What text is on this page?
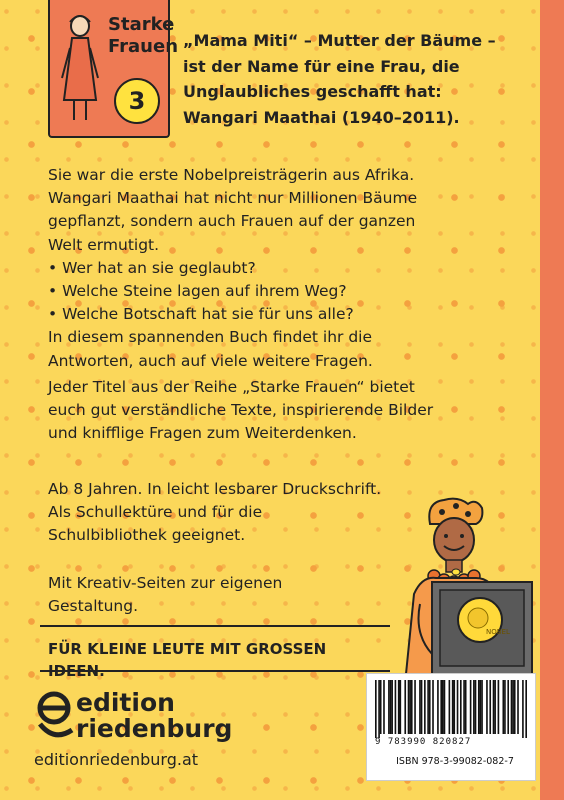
Starke
Frauen
3
„Mama Miti“ – Mutter der Bäume –
ist der Name für eine Frau, die
Unglaubliches geschafft hat:
Wangari Maathai (1940–2011).
Sie war die erste Nobelpreisträgerin aus Afrika.
Wangari Maathai hat nicht nur Millionen Bäume
gepflanzt, sondern auch Frauen auf der ganzen
Welt ermutigt.
• Wer hat an sie geglaubt?
• Welche Steine lagen auf ihrem Weg?
• Welche Botschaft hat sie für uns alle?
In diesem spannenden Buch findet ihr die
Antworten, auch auf viele weitere Fragen.
Jeder Titel aus der Reihe „Starke Frauen“ bietet
euch gut verständliche Texte, inspirierende Bilder
und knifflige Fragen zum Weiterdenken.
Ab 8 Jahren. In leicht lesbarer Druckschrift.
Als Schullektüre und für die
Schulbibliothek geeignet.
Mit Kreativ-Seiten zur eigenen
Gestaltung.
FÜR KLEINE LEUTE MIT GROSSEN IDEEN.
NOBEL
9 783990 820827
ISBN 978-3-99082-082-7
edition
riedenburg
editionriedenburg.at
